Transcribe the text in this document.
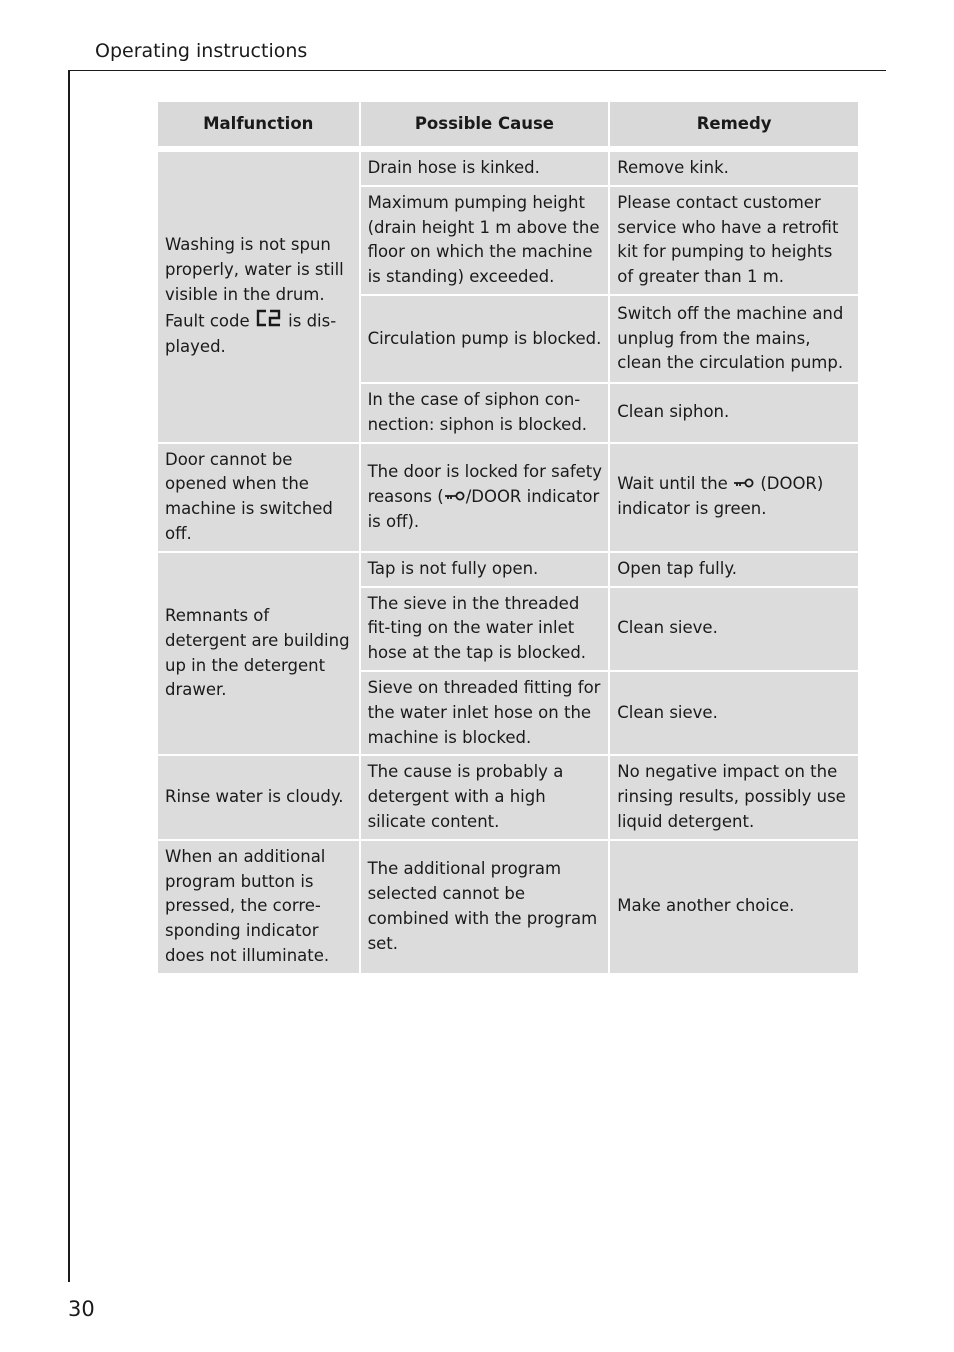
Operating instructions
Malfunction	Possible Cause	Remedy

Washing is not spun properly, water is still visible in the drum.
Fault code is dis-played.	Drain hose is kinked.	Remove kink.
	Maximum pumping height (drain height 1 m above the floor on which the machine is standing) exceeded.	Please contact customer service who have a retrofit kit for pumping to heights of greater than 1 m.
	Circulation pump is blocked.	Switch off the machine and unplug from the mains, clean the circulation pump.
	In the case of siphon con-nection: siphon is blocked.	Clean siphon.
Door cannot be opened when the machine is switched off.	The door is locked for safety reasons ( /DOOR indicator is off).	Wait until the (DOOR) indicator is green.
Remnants of detergent are building up in the detergent drawer.	Tap is not fully open.	Open tap fully.
	The sieve in the threaded fit-ting on the water inlet hose at the tap is blocked.	Clean sieve.
	Sieve on threaded fitting for the water inlet hose on the machine is blocked.	Clean sieve.
Rinse water is cloudy.	The cause is probably a detergent with a high silicate content.	No negative impact on the rinsing results, possibly use liquid detergent.
When an additional program button is pressed, the corre-sponding indicator does not illuminate.	The additional program selected cannot be combined with the program set.	Make another choice.
30
